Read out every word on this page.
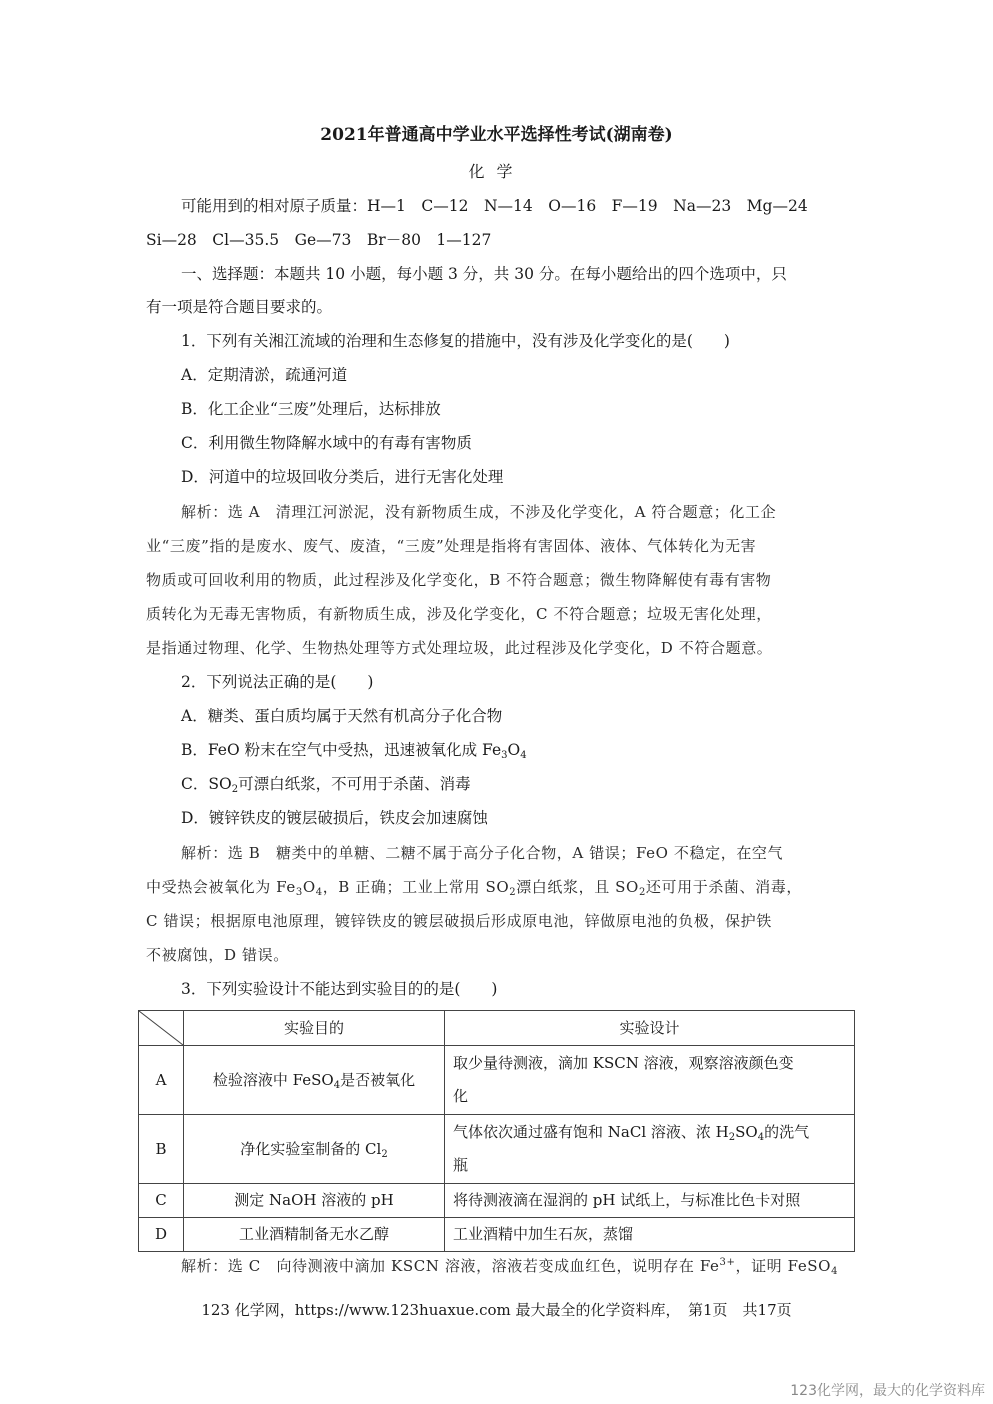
2021年普通高中学业水平选择性考试(湖南卷)
化学
可能用到的相对原子质量：H—1　C—12　N—14　O—16　F—19　Na—23　Mg—24
Si—28　Cl—35.5　Ge—73　Br－80　1—127
一、选择题：本题共 10 小题，每小题 3 分，共 30 分。在每小题给出的四个选项中，只
有一项是符合题目要求的。
1．下列有关湘江流域的治理和生态修复的措施中，没有涉及化学变化的是(　　)
A．定期清淤，疏通河道
B．化工企业“三废”处理后，达标排放
C．利用微生物降解水域中的有毒有害物质
D．河道中的垃圾回收分类后，进行无害化处理
解析：选 A　清理江河淤泥，没有新物质生成，不涉及化学变化，A 符合题意；化工企
业“三废”指的是废水、废气、废渣，“三废”处理是指将有害固体、液体、气体转化为无害
物质或可回收利用的物质，此过程涉及化学变化，B 不符合题意；微生物降解使有毒有害物
质转化为无毒无害物质，有新物质生成，涉及化学变化，C 不符合题意；垃圾无害化处理，
是指通过物理、化学、生物热处理等方式处理垃圾，此过程涉及化学变化，D 不符合题意。
2．下列说法正确的是(　　)
A．糖类、蛋白质均属于天然有机高分子化合物
B．FeO 粉末在空气中受热，迅速被氧化成 $Fe_3O_4$
C．$SO_2$可漂白纸浆，不可用于杀菌、消毒
D．镀锌铁皮的镀层破损后，铁皮会加速腐蚀
解析：选 B　糖类中的单糖、二糖不属于高分子化合物，A 错误；FeO 不稳定，在空气
中受热会被氧化为 $Fe_3O_4$，B 正确；工业上常用 $SO_2$漂白纸浆，且 $SO_2$还可用于杀菌、消毒，
C 错误；根据原电池原理，镀锌铁皮的镀层破损后形成原电池，锌做原电池的负极，保护铁
不被腐蚀，D 错误。
3．下列实验设计不能达到实验目的的是(　　)
	实验目的	实验设计
A	检验溶液中 FeSO$_4$是否被氧化	取少量待测液，滴加 KSCN 溶液，观察溶液颜色变
化

B	净化实验室制备的 $Cl_2$	气体依次通过盛有饱和 NaCl 溶液、浓 $H_2SO_4$的洗气
瓶

C	测定 NaOH 溶液的 pH	将待测液滴在湿润的 pH 试纸上，与标准比色卡对照
D	工业酒精制备无水乙醇	工业酒精中加生石灰，蒸馏
解析：选 C　向待测液中滴加 KSCN 溶液，溶液若变成血红色，说明存在 $Fe^{3+}$，证明 FeSO$_4$
123 化学网，https://www.123huaxue.com 最大最全的化学资料库，　第1页　共17页
123化学网，最大的化学资料库
